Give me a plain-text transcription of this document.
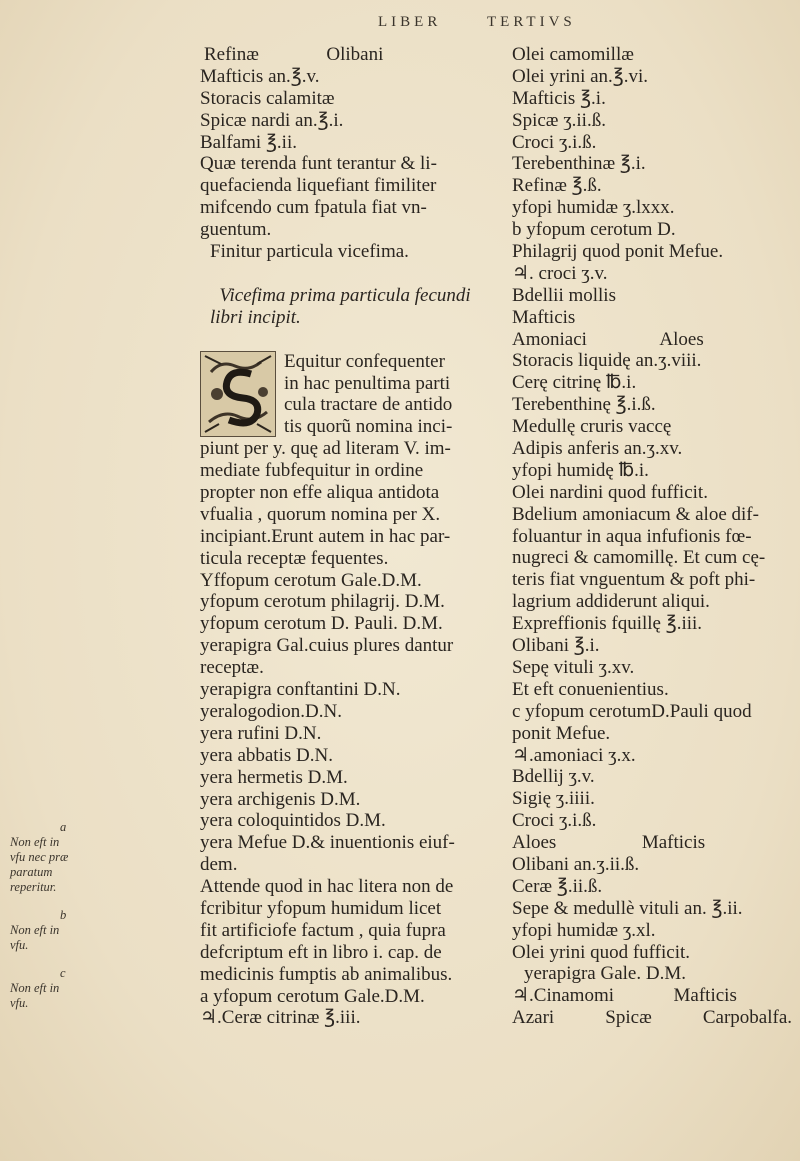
LIBER	TERTIVS
Refinæ	Olibani
Mafticis an.℥.v.
Storacis calamitæ
Spicæ nardi an.℥.i.
Balfami ℥.ii.
Quæ terenda funt terantur & li-
quefacienda liquefiant fimiliter
mifcendo cum fpatula fiat vn-
guentum.
Finitur particula vicefima.
Vicefima prima particula fecundi
libri incipit.
Equitur confequenter
in hac penultima parti
cula tractare de antido
tis quorũ nomina inci-
piunt per y. quę ad literam V. im-
mediate fubfequitur in ordine
propter non effe aliqua antidota
vfualia , quorum nomina per X.
incipiant.Erunt autem in hac par-
ticula receptæ fequentes.
Yffopum cerotum Gale.D.M.
yfopum cerotum philagrij. D.M.
yfopum cerotum D. Pauli. D.M.
yerapigra Gal.cuius plures dantur
receptæ.
yerapigra conftantini D.N.
yeralogodion.D.N.
yera rufini D.N.
yera abbatis D.N.
yera hermetis D.M.
yera archigenis D.M.
yera coloquintidos D.M.
yera Mefue D.& inuentionis eiuf-
dem.
Attende quod in hac litera non de
fcribitur yfopum humidum licet
fit artificiofe factum , quia fupra
defcriptum eft in libro i. cap. de
medicinis fumptis ab animalibus.
a yfopum cerotum Gale.D.M.
♃.Ceræ citrinæ ℥.iii.
a
Non eft in
vfu nec præ
paratum
reperitur.
b
Non eft in
vfu.
c
Non eft in
vfu.
Olei camomillæ
Olei yrini an.℥.vi.
Mafticis ℥.i.
Spicæ ʒ.ii.ß.
Croci ʒ.i.ß.
Terebenthinæ ℥.i.
Refinæ ℥.ß.
yfopi humidæ ʒ.lxxx.
b yfopum cerotum D.
Philagrij quod ponit Mefue.
♃. croci ʒ.v.
Bdellii mollis
Mafticis
Amoniaci	Aloes
Storacis liquidę an.ʒ.viii.
Cerę citrinę ℔.i.
Terebenthinę ℥.i.ß.
Medullę cruris vaccę
Adipis anferis an.ʒ.xv.
yfopi humidę ℔.i.
Olei nardini quod fufficit.
Bdelium amoniacum & aloe dif-
foluantur in aqua infufionis fœ-
nugreci & camomillę. Et cum cę-
teris fiat vnguentum & poft phi-
lagrium addiderunt aliqui.
Expreffionis fquillę ℥.iii.
Olibani ℥.i.
Sepę vituli ʒ.xv.
Et eft conuenientius.
c yfopum cerotumD.Pauli quod
ponit Mefue.
♃.amoniaci ʒ.x.
Bdellij ʒ.v.
Sigię ʒ.iiii.
Croci ʒ.i.ß.
Aloes	Mafticis
Olibani an.ʒ.ii.ß.
Ceræ ℥.ii.ß.
Sepe & medullè vituli an. ℥.ii.
yfopi humidæ ʒ.xl.
Olei yrini quod fufficit.
yerapigra Gale. D.M.
♃.Cinamomi	Mafticis
Azari	Spicæ	Carpobalfa.
